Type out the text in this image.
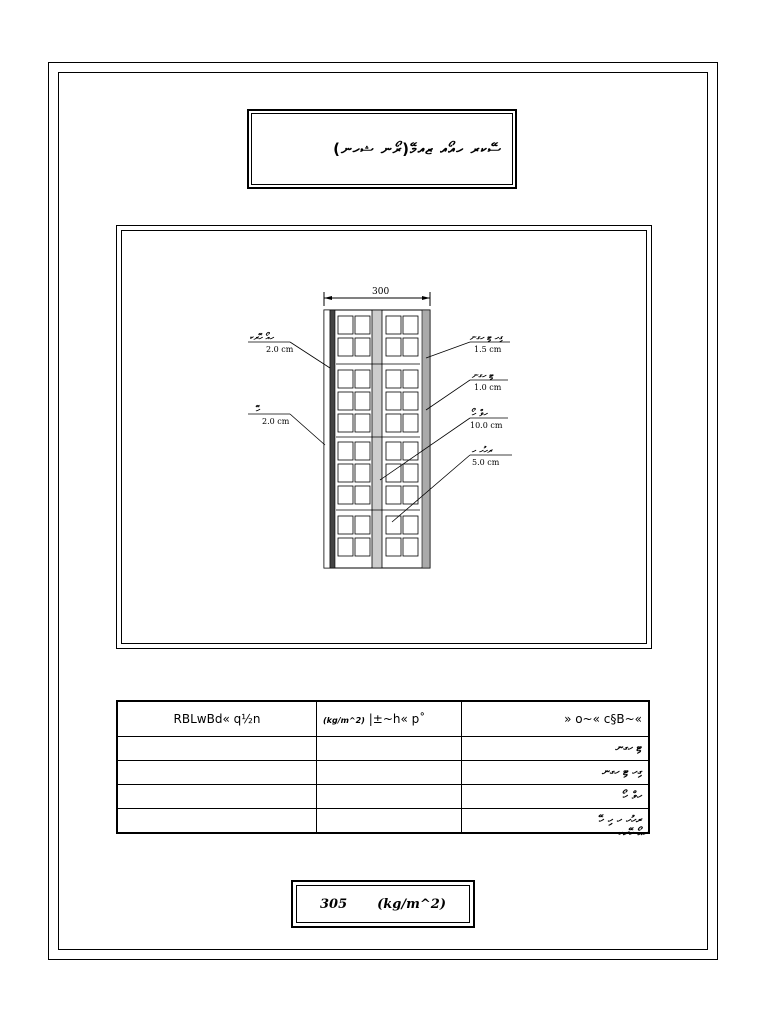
(ރޯނ ޝހނ)ސޭކރ ހއޯއ ޒއމޭ
300
ހއޯ ހޭރކ
2.0 cm
ހޭ
2.0 cm
ގިހ ޓި ހގނ
1.5 cm
ޓި ހގނ
1.0 cm
ހވް ހޯ
10.0 cm
ރހުހ ހ
5.0 cm
RBLwBd« q½n	(kg/m^2) |±~h« p˚	» o~« c§B~«
		ޓި ހގނ
		ގިހ ޓި ހގނ
		ހވް ހޯ
		ރހުހ ހ ހި ހޭ
ހއޯ ހޭރކ
305 (kg/m^2)
